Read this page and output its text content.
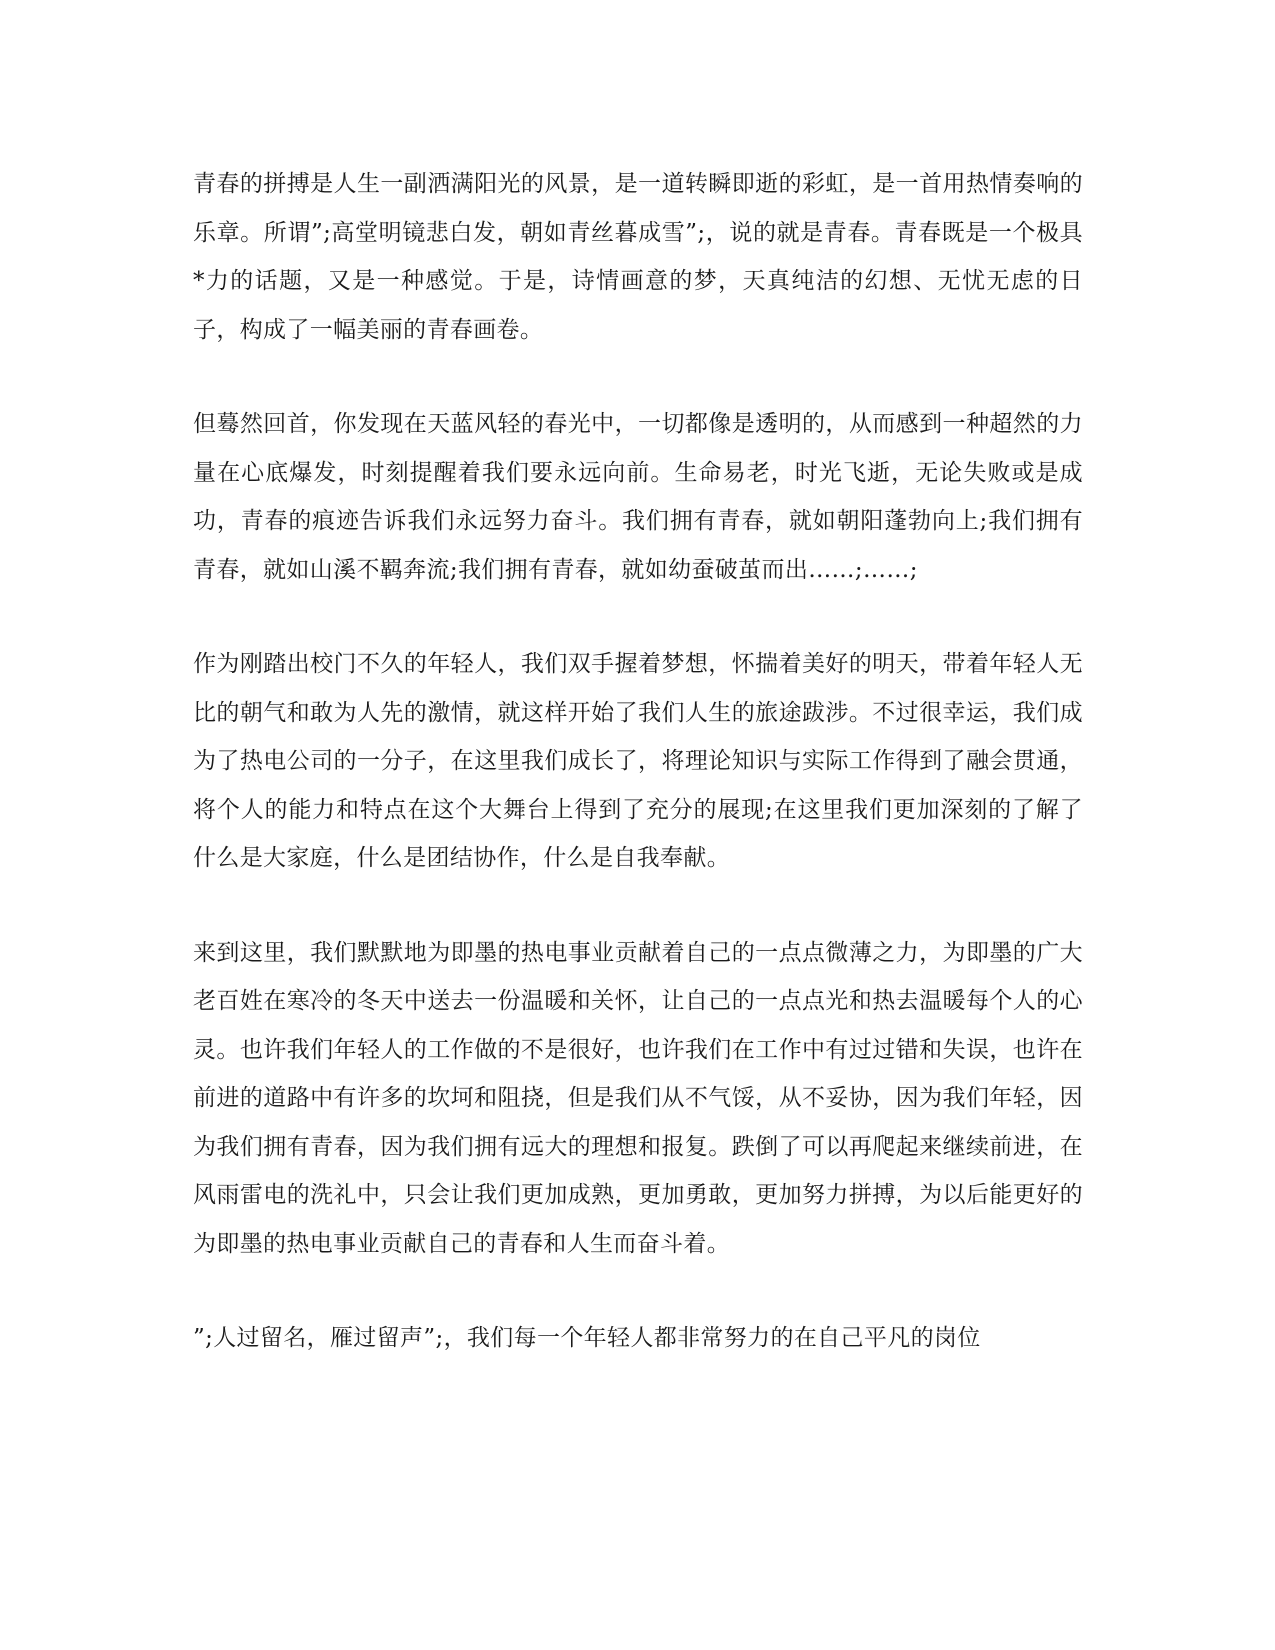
青春的拼搏是人生一副洒满阳光的风景，是一道转瞬即逝的彩虹，是一首用热情奏响的乐章。所谓”;高堂明镜悲白发，朝如青丝暮成雪”;，说的就是青春。青春既是一个极具*力的话题，又是一种感觉。于是，诗情画意的梦，天真纯洁的幻想、无忧无虑的日子，构成了一幅美丽的青春画卷。

但蓦然回首，你发现在天蓝风轻的春光中，一切都像是透明的，从而感到一种超然的力量在心底爆发，时刻提醒着我们要永远向前。生命易老，时光飞逝，无论失败或是成功，青春的痕迹告诉我们永远努力奋斗。我们拥有青春，就如朝阳蓬勃向上;我们拥有青春，就如山溪不羁奔流;我们拥有青春，就如幼蚕破茧而出……;……;

作为刚踏出校门不久的年轻人，我们双手握着梦想，怀揣着美好的明天，带着年轻人无比的朝气和敢为人先的激情，就这样开始了我们人生的旅途跋涉。不过很幸运，我们成为了热电公司的一分子，在这里我们成长了，将理论知识与实际工作得到了融会贯通，将个人的能力和特点在这个大舞台上得到了充分的展现;在这里我们更加深刻的了解了什么是大家庭，什么是团结协作，什么是自我奉献。

来到这里，我们默默地为即墨的热电事业贡献着自己的一点点微薄之力，为即墨的广大老百姓在寒冷的冬天中送去一份温暖和关怀，让自己的一点点光和热去温暖每个人的心灵。也许我们年轻人的工作做的不是很好，也许我们在工作中有过过错和失误，也许在前进的道路中有许多的坎坷和阻挠，但是我们从不气馁，从不妥协，因为我们年轻，因为我们拥有青春，因为我们拥有远大的理想和报复。跌倒了可以再爬起来继续前进，在风雨雷电的洗礼中，只会让我们更加成熟，更加勇敢，更加努力拼搏，为以后能更好的为即墨的热电事业贡献自己的青春和人生而奋斗着。

”;人过留名，雁过留声”;，我们每一个年轻人都非常努力的在自己平凡的岗位
